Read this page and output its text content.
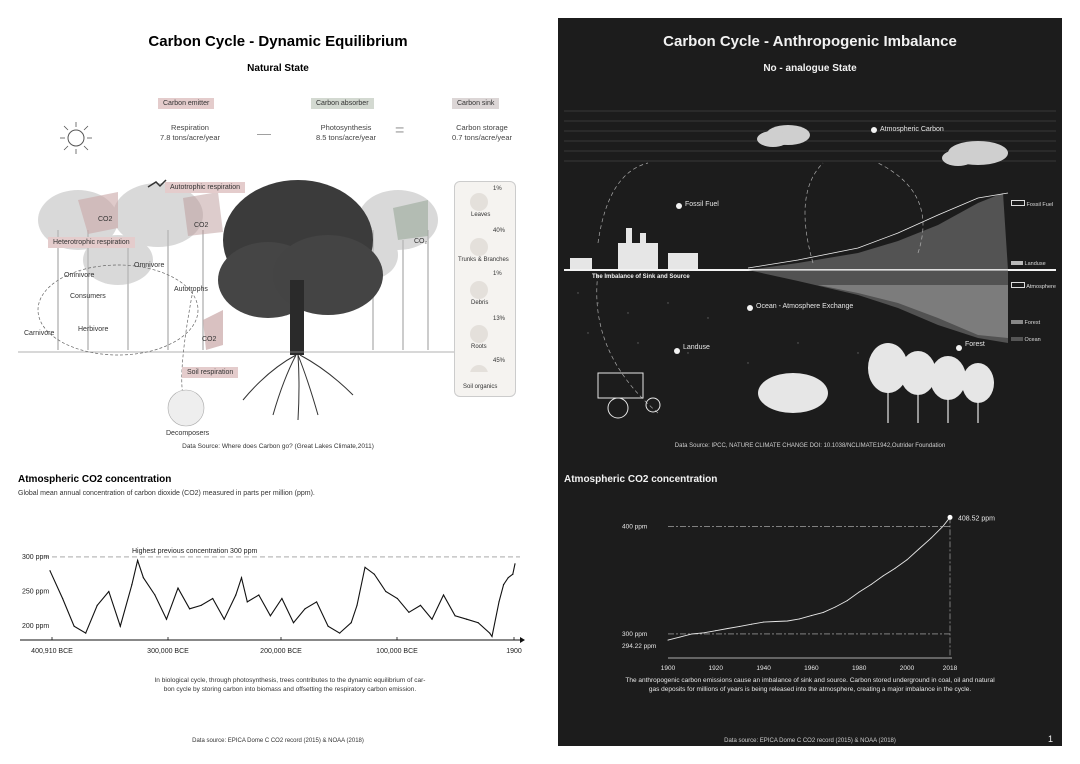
Carbon Cycle - Dynamic Equilibrium
Natural State
Carbon emitter	Carbon absorber	Carbon sink
Respiration
7.8 tons/acre/year	—	Photosynthesis
8.5 tons/acre/year	=	Carbon storage
0.7 tons/acre/year
Autotrophic respiration
Heterotrophic respiration
CO2
CO2
CO₂
CO2
Soil respiration
Omnivore
Omnivore
Consumers
Herbivore
Carnivore
Autotrophs
Decomposers
1%
Leaves
40%
Trunks & Branches
1%
Debris
13%
Roots
45%
Soil organics
Data Source: Where does Carbon go? (Great Lakes Climate,2011)
Atmospheric CO2 concentration
Global mean annual concentration of carbon dioxide (CO2) measured in parts per million (ppm).
Highest previous concentration 300 ppm
300 ppm
250 ppm
200 ppm
400,910 BCE	300,000 BCE	200,000 BCE	100,000 BCE	1900
In biological cycle, through photosynthesis, trees contributes to the dynamic equilibrium of car-
bon cycle by storing carbon into biomass and offsetting the respiratory carbon emission.
Data source: EPICA Dome C CO2 record (2015) & NOAA (2018)
Carbon Cycle - Anthropogenic Imbalance
No - analogue State
Atmospheric Carbon
Fossil Fuel
The Imbalance of Sink and Source
Ocean - Atmosphere Exchange
Landuse	Forest
Fossil Fuel
Landuse
Atmosphere
Forest
Ocean
Data Source: IPCC, NATURE CLIMATE CHANGE DOI: 10.1038/NCLIMATE1942,Outrider Foundation
Atmospheric CO2 concentration
400 ppm
300 ppm
294.22 ppm
1900	1920	1940	1960	1980	2000	2018
408.52 ppm
The anthropogenic carbon emissions cause an imbalance of sink and source. Carbon stored underground in coal, oil and natural
gas deposits for millions of years is being released into the atmosphere, creating a major imbalance in the cycle.
Data source: EPICA Dome C CO2 record (2015) & NOAA (2018)	1
